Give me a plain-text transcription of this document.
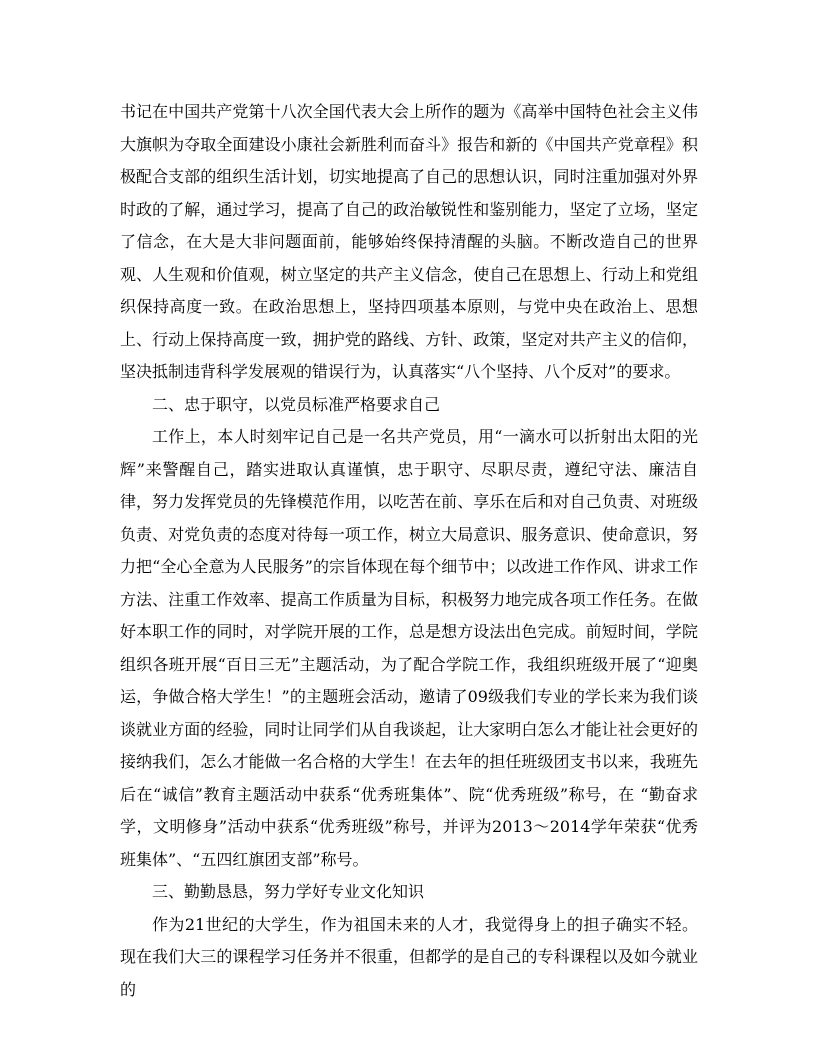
书记在中国共产党第十八次全国代表大会上所作的题为《高举中国特色社会主义伟大旗帜为夺取全面建设小康社会新胜利而奋斗》报告和新的《中国共产党章程》积极配合支部的组织生活计划，切实地提高了自己的思想认识，同时注重加强对外界时政的了解，通过学习，提高了自己的政治敏锐性和鉴别能力，坚定了立场，坚定了信念，在大是大非问题面前，能够始终保持清醒的头脑。不断改造自己的世界观、人生观和价值观，树立坚定的共产主义信念，使自己在思想上、行动上和党组织保持高度一致。在政治思想上，坚持四项基本原则，与党中央在政治上、思想上、行动上保持高度一致，拥护党的路线、方针、政策，坚定对共产主义的信仰，坚决抵制违背科学发展观的错误行为，认真落实“八个坚持、八个反对”的要求。

二、忠于职守，以党员标准严格要求自己

工作上，本人时刻牢记自己是一名共产党员，用“一滴水可以折射出太阳的光辉”来警醒自己，踏实进取认真谨慎，忠于职守、尽职尽责，遵纪守法、廉洁自律，努力发挥党员的先锋模范作用，以吃苦在前、享乐在后和对自己负责、对班级负责、对党负责的态度对待每一项工作，树立大局意识、服务意识、使命意识，努力把“全心全意为人民服务”的宗旨体现在每个细节中；以改进工作作风、讲求工作方法、注重工作效率、提高工作质量为目标，积极努力地完成各项工作任务。在做好本职工作的同时，对学院开展的工作，总是想方设法出色完成。前短时间，学院组织各班开展“百日三无”主题活动，为了配合学院工作，我组织班级开展了“迎奥运，争做合格大学生！”的主题班会活动，邀请了09级我们专业的学长来为我们谈谈就业方面的经验，同时让同学们从自我谈起，让大家明白怎么才能让社会更好的接纳我们，怎么才能做一名合格的大学生！在去年的担任班级团支书以来，我班先后在“诚信”教育主题活动中获系“优秀班集体”、院“优秀班级”称号，在 “勤奋求学，文明修身”活动中获系“优秀班级”称号，并评为2013～2014学年荣获“优秀班集体”、“五四红旗团支部”称号。

三、勤勤恳恳，努力学好专业文化知识

作为21世纪的大学生，作为祖国未来的人才，我觉得身上的担子确实不轻。现在我们大三的课程学习任务并不很重，但都学的是自己的专科课程以及如今就业的
